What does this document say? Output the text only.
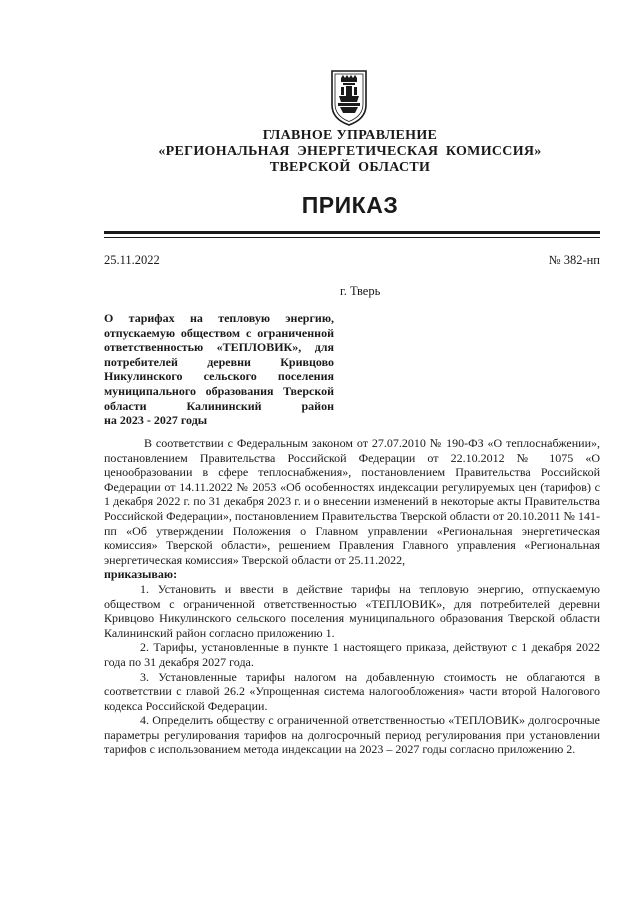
ГЛАВНОЕ УПРАВЛЕНИЕ
«РЕГИОНАЛЬНАЯ  ЭНЕРГЕТИЧЕСКАЯ  КОМИССИЯ»
ТВЕРСКОЙ  ОБЛАСТИ
ПРИКАЗ
25.11.2022	№ 382-нп
г. Тверь
О тарифах на тепловую энергию,
отпускаемую обществом с ограниченной
ответственностью «ТЕПЛОВИК», для
потребителей деревни Кривцово
Никулинского сельского поселения
муниципального образования Тверской
области Калининский район
на 2023 - 2027 годы

В соответствии с Федеральным законом от 27.07.2010 № 190-ФЗ «О теплоснабжении», постановлением Правительства Российской Федерации от 22.10.2012 № 1075 «О ценообразовании в сфере теплоснабжения», постановлением Правительства Российской Федерации от 14.11.2022 № 2053 «Об особенностях индексации регулируемых цен (тарифов) с 1 декабря 2022 г. по 31 декабря 2023 г. и о внесении изменений в некоторые акты Правительства Российской Федерации», постановлением Правительства Тверской области от 20.10.2011 № 141-пп «Об утверждении Положения о Главном управлении «Региональная энергетическая комиссия» Тверской области», решением Правления Главного управления «Региональная энергетическая комиссия» Тверской области от 25.11.2022,

приказываю:

1. Установить и ввести в действие тарифы на тепловую энергию, отпускаемую обществом с ограниченной ответственностью «ТЕПЛОВИК», для потребителей деревни Кривцово Никулинского сельского поселения муниципального образования Тверской области Калининский район согласно приложению 1.

2. Тарифы, установленные в пункте 1 настоящего приказа, действуют с 1 декабря 2022 года по 31 декабря 2027 года.

3. Установленные тарифы налогом на добавленную стоимость не облагаются в соответствии с главой 26.2 «Упрощенная система налогообложения» части второй Налогового кодекса Российской Федерации.

4. Определить обществу с ограниченной ответственностью «ТЕПЛОВИК» долгосрочные параметры регулирования тарифов на долгосрочный период регулирования при установлении тарифов с использованием метода индексации на 2023 – 2027 годы согласно приложению 2.
